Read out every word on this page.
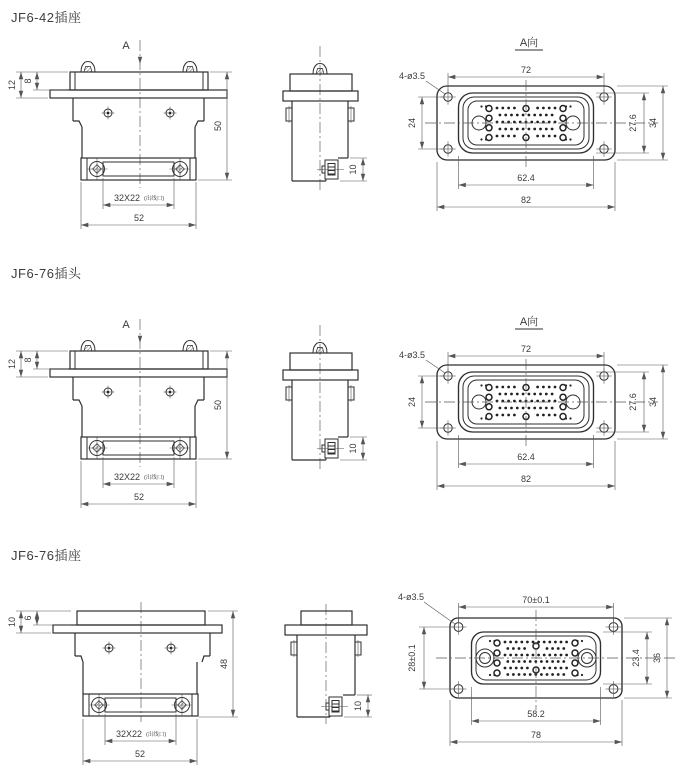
A
12 8
50
32X22 (出线口)
52
10
A向
72
4-ø3.5
24	27.6 34
62.4
82
A
12 8
50
32X22 (出线口)
52
10
A向
72
4-ø3.5
24	27.6 34
62.4
82
10 6
48
32X22 (出线口)
52
10
70±0.1
4-ø3.5
28±0.1	23.4 36
58.2
78
JF6-42插座
JF6-76插头
JF6-76插座
